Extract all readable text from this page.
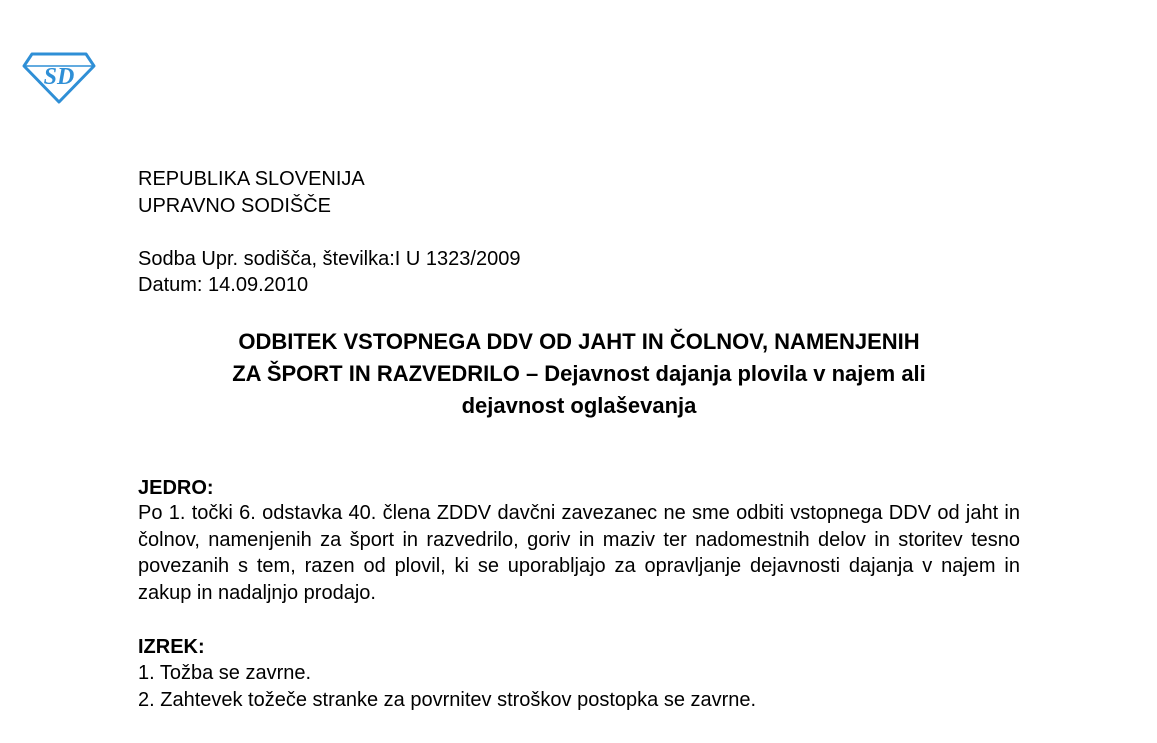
SD
REPUBLIKA SLOVENIJA
UPRAVNO SODIŠČE
Sodba Upr. sodišča, številka:I U 1323/2009
Datum: 14.09.2010
ODBITEK VSTOPNEGA DDV OD JAHT IN ČOLNOV, NAMENJENIH
ZA ŠPORT IN RAZVEDRILO – Dejavnost dajanja plovila v najem ali
dejavnost oglaševanja
JEDRO:
Po 1. točki 6. odstavka 40. člena ZDDV davčni zavezanec ne sme odbiti vstopnega DDV od jaht in čolnov, namenjenih za šport in razvedrilo, goriv in maziv ter nadomestnih delov in storitev tesno povezanih s tem, razen od plovil, ki se uporabljajo za opravljanje dejavnosti dajanja v najem in zakup in nadaljnjo prodajo.
IZREK:
1. Tožba se zavrne.
2. Zahtevek tožeče stranke za povrnitev stroškov postopka se zavrne.
